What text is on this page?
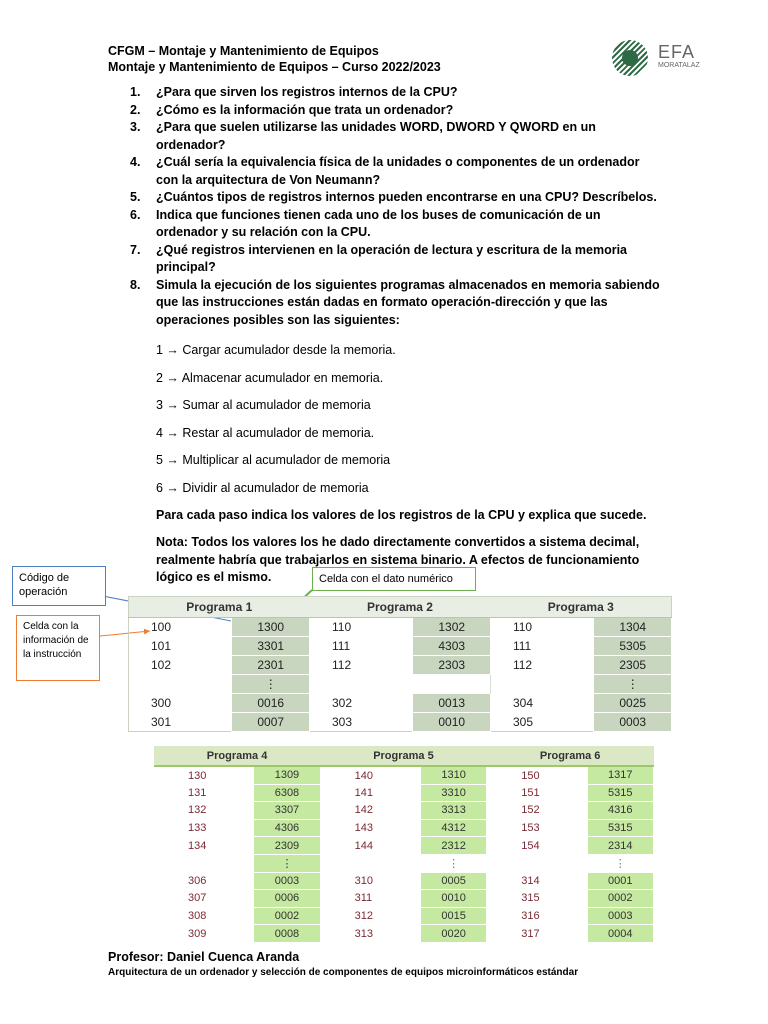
CFGM – Montaje y Mantenimiento de Equipos
Montaje y Mantenimiento de Equipos – Curso 2022/2023
EFA
MORATALAZ
1. ¿Para que sirven los registros internos de la CPU?
2. ¿Cómo es la información que trata un ordenador?
3. ¿Para que suelen utilizarse las unidades WORD, DWORD Y QWORD en un ordenador?
4. ¿Cuál sería la equivalencia física de la unidades o componentes de un ordenador con la arquitectura de Von Neumann?
5. ¿Cuántos tipos de registros internos pueden encontrarse en una CPU? Descríbelos.
6. Indica que funciones tienen cada uno de los buses de comunicación de un ordenador y su relación con la CPU.
7. ¿Qué registros intervienen en la operación de lectura y escritura de la memoria principal?
8. Simula la ejecución de los siguientes programas almacenados en memoria sabiendo que las instrucciones están dadas en formato operación-dirección y que las operaciones posibles son las siguientes:
1 → Cargar acumulador desde la memoria.
2 → Almacenar acumulador en memoria.
3 → Sumar al acumulador de memoria
4 → Restar al acumulador de memoria.
5 → Multiplicar al acumulador de memoria
6 → Dividir al acumulador de memoria
Para cada paso indica los valores de los registros de la CPU y explica que sucede.
Nota: Todos los valores los he dado directamente convertidos a sistema decimal, realmente habría que trabajarlos en sistema binario. A efectos de funcionamiento lógico es el mismo.
Código de operación
Celda con la información de la instrucción
Celda con el dato numérico
Programa 1		Programa 2		Programa 3	
100	1300	110	1302	110	1304
101	3301	111	4303	111	5305
102	2301	112	2303	112	2305
	⋮				⋮
300	0016	302	0013	304	0025
301	0007	303	0010	305	0003
Programa 4		Programa 5		Programa 6	
130	1309	140	1310	150	1317
131	6308	141	3310	151	5315
132	3307	142	3313	152	4316
133	4306	143	4312	153	5315
134	2309	144	2312	154	2314
	⋮		⋮		⋮
306	0003	310	0005	314	0001
307	0006	311	0010	315	0002
308	0002	312	0015	316	0003
309	0008	313	0020	317	0004
Profesor: Daniel Cuenca Aranda
Arquitectura de un ordenador y selección de componentes de equipos microinformáticos estándar
